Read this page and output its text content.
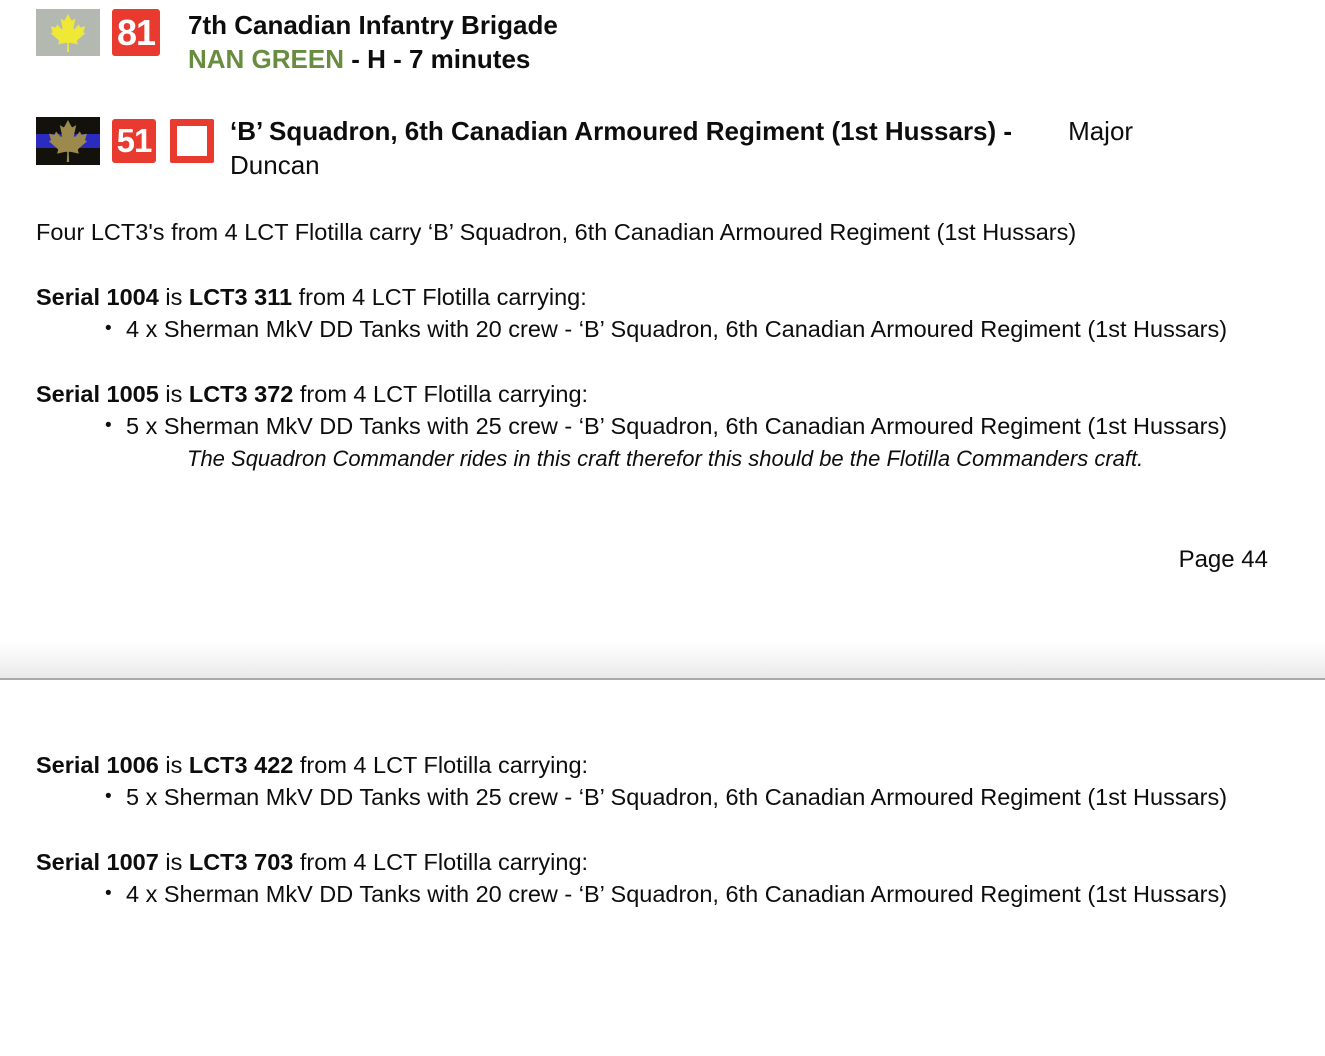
81 7th Canadian Infantry Brigade
NAN GREEN - H - 7 minutes
51	‘B’ Squadron, 6th Canadian Armoured Regiment (1st Hussars) - Major
Duncan

Four LCT3's from 4 LCT Flotilla carry ‘B’ Squadron, 6th Canadian Armoured Regiment (1st Hussars)

Serial 1004 is LCT3 311 from 4 LCT Flotilla carrying:

• 4 x Sherman MkV DD Tanks with 20 crew - ‘B’ Squadron, 6th Canadian Armoured Regiment (1st Hussars)

Serial 1005 is LCT3 372 from 4 LCT Flotilla carrying:

• 5 x Sherman MkV DD Tanks with 25 crew - ‘B’ Squadron, 6th Canadian Armoured Regiment (1st Hussars)

The Squadron Commander rides in this craft therefor this should be the Flotilla Commanders craft.

Page 44

Serial 1006 is LCT3 422 from 4 LCT Flotilla carrying:

• 5 x Sherman MkV DD Tanks with 25 crew - ‘B’ Squadron, 6th Canadian Armoured Regiment (1st Hussars)

Serial 1007 is LCT3 703 from 4 LCT Flotilla carrying:

• 4 x Sherman MkV DD Tanks with 20 crew - ‘B’ Squadron, 6th Canadian Armoured Regiment (1st Hussars)
